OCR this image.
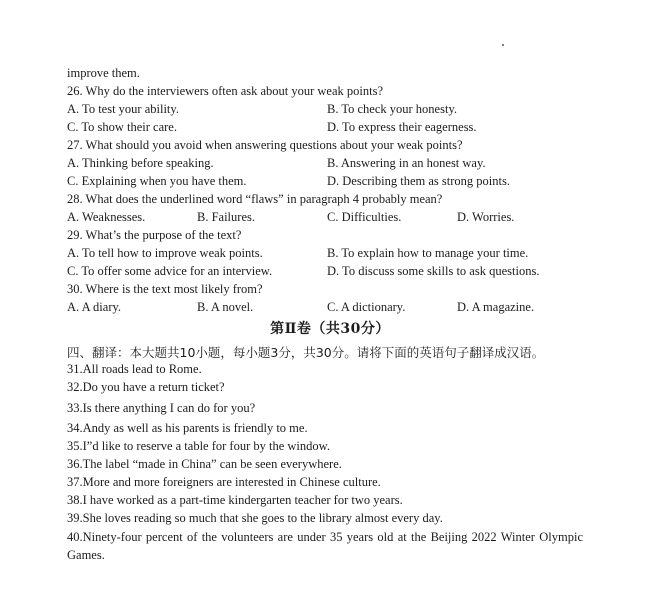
improve them.
26. Why do the interviewers often ask about your weak points?
A. To test your ability.	B. To check your honesty.
C. To show their care.	D. To express their eagerness.
27. What should you avoid when answering questions about your weak points?
A. Thinking before speaking.	B. Answering in an honest way.
C. Explaining when you have them.	D. Describing them as strong points.
28. What does the underlined word “flaws” in paragraph 4 probably mean?
A. Weaknesses.	B. Failures.	C. Difficulties.	D. Worries.
29. What’s the purpose of the text?
A. To tell how to improve weak points.	B. To explain how to manage your time.
C. To offer some advice for an interview.	D. To discuss some skills to ask questions.
30. Where is the text most likely from?
A. A diary.	B. A novel.	C. A dictionary.	D. A magazine.
第Ⅱ卷（共30分）
四、翻译：本大题共10小题，每小题3分，共30分。请将下面的英语句子翻译成汉语。
31.All roads lead to Rome.
32.Do you have a return ticket?
33.Is there anything I can do for you?
34.Andy as well as his parents is friendly to me.
35.I”d like to reserve a table for four by the window.
36.The label “made in China” can be seen everywhere.
37.More and more foreigners are interested in Chinese culture.
38.I have worked as a part-time kindergarten teacher for two years.
39.She loves reading so much that she goes to the library almost every day.
40.Ninety-four percent of the volunteers are under 35 years old at the Beijing 2022 Winter Olympic Games.
